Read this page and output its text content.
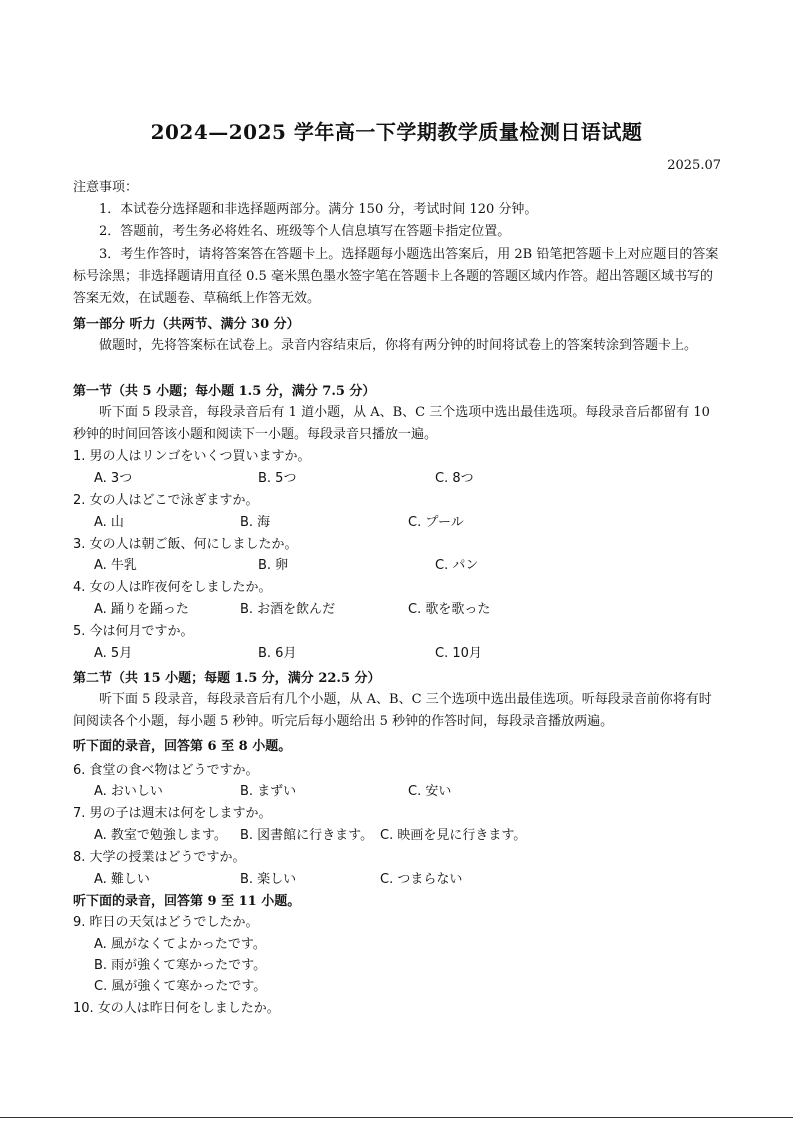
2024—2025 学年高一下学期教学质量检测日语试题
2025.07
注意事项：
1．本试卷分选择题和非选择题两部分。满分 150 分，考试时间 120 分钟。
2．答题前，考生务必将姓名、班级等个人信息填写在答题卡指定位置。
3．考生作答时，请将答案答在答题卡上。选择题每小题选出答案后，用 2B 铅笔把答题卡上对应题目的答案标号涂黑；非选择题请用直径 0.5 毫米黑色墨水签字笔在答题卡上各题的答题区域内作答。超出答题区域书写的答案无效，在试题卷、草稿纸上作答无效。
第一部分 听力（共两节、满分 30 分）
做题时，先将答案标在试卷上。录音内容结束后，你将有两分钟的时间将试卷上的答案转涂到答题卡上。
第一节（共 5 小题；每小题 1.5 分，满分 7.5 分）
听下面 5 段录音，每段录音后有 1 道小题，从 A、B、C 三个选项中选出最佳选项。每段录音后都留有 10 秒钟的时间回答该小题和阅读下一小题。每段录音只播放一遍。
1. 男の人はリンゴをいくつ買いますか。
A. 3つ	B. 5つ	C. 8つ
2. 女の人はどこで泳ぎますか。
A. 山	B. 海	C. プール
3. 女の人は朝ご飯、何にしましたか。
A. 牛乳	B. 卵	C. パン
4. 女の人は昨夜何をしましたか。
A. 踊りを踊った	B. お酒を飲んだ	C. 歌を歌った
5. 今は何月ですか。
A. 5月	B. 6月	C. 10月
第二节（共 15 小题；每题 1.5 分，满分 22.5 分）
听下面 5 段录音，每段录音后有几个小题，从 A、B、C 三个选项中选出最佳选项。听每段录音前你将有时间阅读各个小题，每小题 5 秒钟。听完后每小题给出 5 秒钟的作答时间，每段录音播放两遍。
听下面的录音，回答第 6 至 8 小题。
6. 食堂の食べ物はどうですか。
A. おいしい	B. まずい	C. 安い
7. 男の子は週末は何をしますか。
A. 教室で勉強します。 B. 図書館に行きます。 C. 映画を見に行きます。
8. 大学の授業はどうですか。
A. 難しい	B. 楽しい	C. つまらない
听下面的录音，回答第 9 至 11 小题。
9. 昨日の天気はどうでしたか。
A. 風がなくてよかったです。
B. 雨が強くて寒かったです。
C. 風が強くて寒かったです。
10. 女の人は昨日何をしましたか。
